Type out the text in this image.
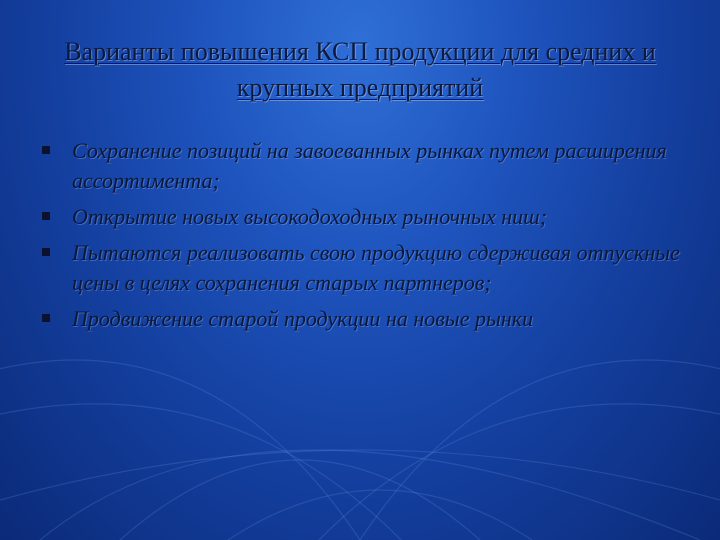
Варианты повышения КСП продукции для средних и крупных предприятий
Сохранение позиций на завоеванных рынках путем расширения ассортимента;
Открытие новых высокодоходных рыночных ниш;
Пытаются реализовать свою продукцию сдерживая отпускные цены в целях сохранения старых партнеров;
Продвижение старой продукции на новые рынки
